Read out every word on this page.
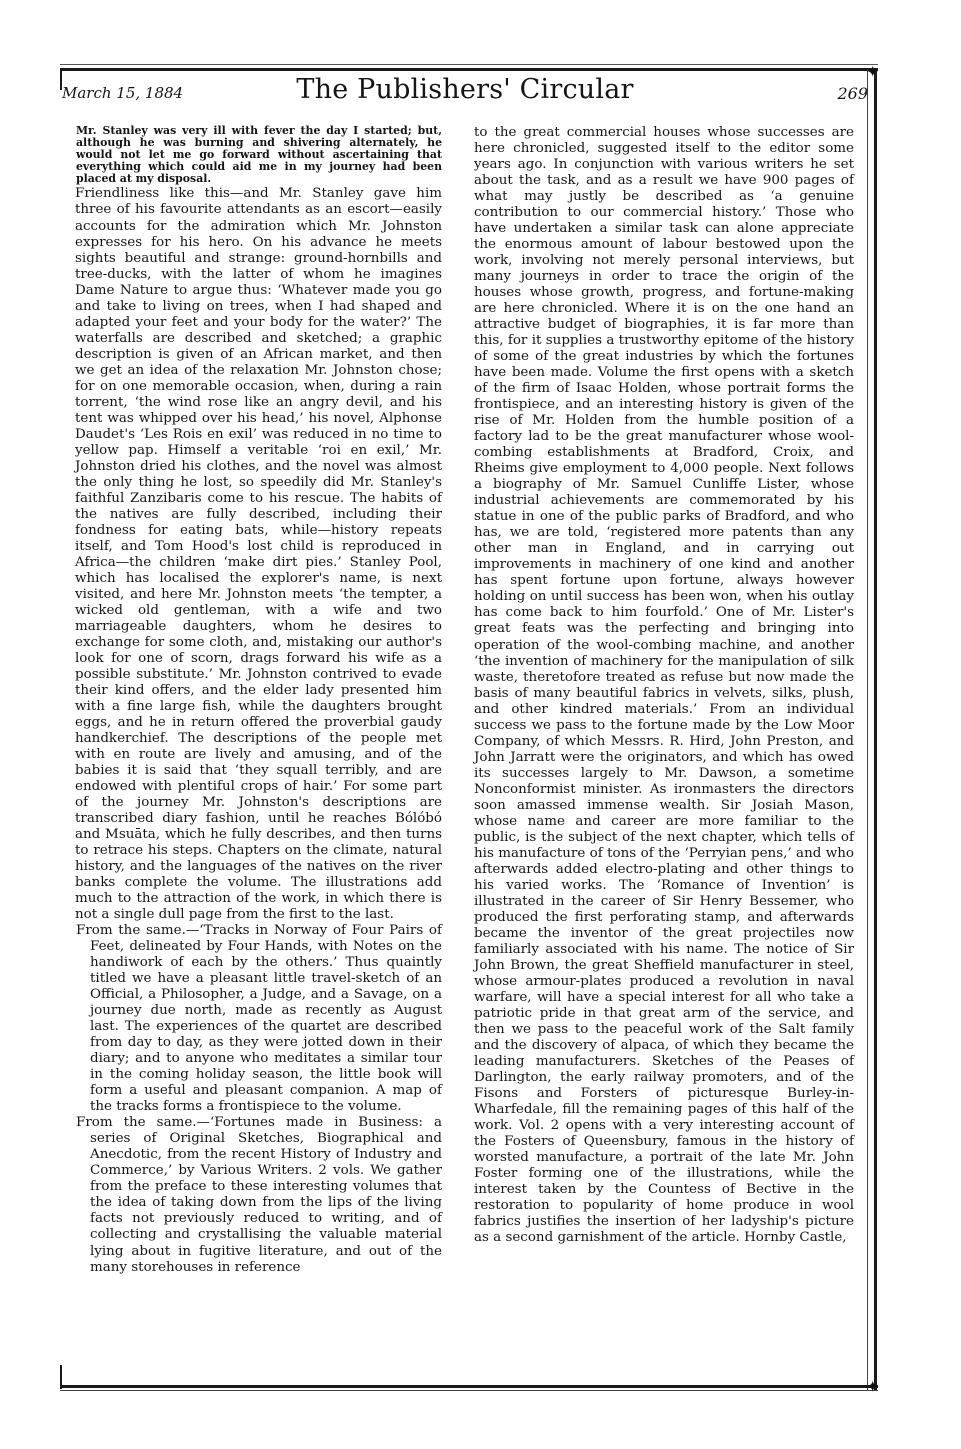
✦
✦
March 15, 1884	The Publishers' Circular	269

Mr. Stanley was very ill with fever the day I started; but, although he was burning and shivering alternately, he would not let me go forward without ascertaining that everything which could aid me in my journey had been placed at my disposal.

Friendliness like this—and Mr. Stanley gave him three of his favourite attendants as an escort—easily accounts for the admiration which Mr. Johnston expresses for his hero. On his advance he meets sights beautiful and strange: ground-hornbills and tree-ducks, with the latter of whom he imagines Dame Nature to argue thus: ‘Whatever made you go and take to living on trees, when I had shaped and adapted your feet and your body for the water?’ The waterfalls are described and sketched; a graphic description is given of an African market, and then we get an idea of the relaxation Mr. Johnston chose; for on one memorable occasion, when, during a rain torrent, ‘the wind rose like an angry devil, and his tent was whipped over his head,’ his novel, Alphonse Daudet's ‘Les Rois en exil’ was reduced in no time to yellow pap. Himself a veritable ‘roi en exil,’ Mr. Johnston dried his clothes, and the novel was almost the only thing he lost, so speedily did Mr. Stanley's faithful Zanzibaris come to his rescue. The habits of the natives are fully described, including their fondness for eating bats, while—history repeats itself, and Tom Hood's lost child is reproduced in Africa—the children ‘make dirt pies.’ Stanley Pool, which has localised the explorer's name, is next visited, and here Mr. Johnston meets ‘the tempter, a wicked old gentleman, with a wife and two marriageable daughters, whom he desires to exchange for some cloth, and, mistaking our author's look for one of scorn, drags forward his wife as a possible substitute.’ Mr. Johnston contrived to evade their kind offers, and the elder lady presented him with a fine large fish, while the daughters brought eggs, and he in return offered the proverbial gaudy handkerchief. The descriptions of the people met with en route are lively and amusing, and of the babies it is said that ‘they squall terribly, and are endowed with plentiful crops of hair.’ For some part of the journey Mr. Johnston's descriptions are transcribed diary fashion, until he reaches Bólóbó and Msuāta, which he fully describes, and then turns to retrace his steps. Chapters on the climate, natural history, and the languages of the natives on the river banks complete the volume. The illustrations add much to the attraction of the work, in which there is not a single dull page from the first to the last.

From the same.—‘Tracks in Norway of Four Pairs of Feet, delineated by Four Hands, with Notes on the handiwork of each by the others.’ Thus quaintly titled we have a pleasant little travel-sketch of an Official, a Philosopher, a Judge, and a Savage, on a journey due north, made as recently as August last. The experiences of the quartet are described from day to day, as they were jotted down in their diary; and to anyone who meditates a similar tour in the coming holiday season, the little book will form a useful and pleasant companion. A map of the tracks forms a frontispiece to the volume.

From the same.—‘Fortunes made in Business: a series of Original Sketches, Biographical and Anecdotic, from the recent History of Industry and Commerce,’ by Various Writers. 2 vols. We gather from the preface to these interesting volumes that the idea of taking down from the lips of the living facts not previously reduced to writing, and of collecting and crystallising the valuable material lying about in fugitive literature, and out of the many storehouses in reference

to the great commercial houses whose successes are here chronicled, suggested itself to the editor some years ago. In conjunction with various writers he set about the task, and as a result we have 900 pages of what may justly be described as ‘a genuine contribution to our commercial history.’ Those who have undertaken a similar task can alone appreciate the enormous amount of labour bestowed upon the work, involving not merely personal interviews, but many journeys in order to trace the origin of the houses whose growth, progress, and fortune-making are here chronicled. Where it is on the one hand an attractive budget of biographies, it is far more than this, for it supplies a trustworthy epitome of the history of some of the great industries by which the fortunes have been made. Volume the first opens with a sketch of the firm of Isaac Holden, whose portrait forms the frontispiece, and an interesting history is given of the rise of Mr. Holden from the humble position of a factory lad to be the great manufacturer whose wool-combing establishments at Bradford, Croix, and Rheims give employment to 4,000 people. Next follows a biography of Mr. Samuel Cunliffe Lister, whose industrial achievements are commemorated by his statue in one of the public parks of Bradford, and who has, we are told, ‘registered more patents than any other man in England, and in carrying out improvements in machinery of one kind and another has spent fortune upon fortune, always however holding on until success has been won, when his outlay has come back to him fourfold.’ One of Mr. Lister's great feats was the perfecting and bringing into operation of the wool-combing machine, and another ‘the invention of machinery for the manipulation of silk waste, theretofore treated as refuse but now made the basis of many beautiful fabrics in velvets, silks, plush, and other kindred materials.’ From an individual success we pass to the fortune made by the Low Moor Company, of which Messrs. R. Hird, John Preston, and John Jarratt were the originators, and which has owed its successes largely to Mr. Dawson, a sometime Nonconformist minister. As ironmasters the directors soon amassed immense wealth. Sir Josiah Mason, whose name and career are more familiar to the public, is the subject of the next chapter, which tells of his manufacture of tons of the ‘Perryian pens,’ and who afterwards added electro-plating and other things to his varied works. The ‘Romance of Invention’ is illustrated in the career of Sir Henry Bessemer, who produced the first perforating stamp, and afterwards became the inventor of the great projectiles now familiarly associated with his name. The notice of Sir John Brown, the great Sheffield manufacturer in steel, whose armour-plates produced a revolution in naval warfare, will have a special interest for all who take a patriotic pride in that great arm of the service, and then we pass to the peaceful work of the Salt family and the discovery of alpaca, of which they became the leading manufacturers. Sketches of the Peases of Darlington, the early railway promoters, and of the Fisons and Forsters of picturesque Burley-in-Wharfedale, fill the remaining pages of this half of the work. Vol. 2 opens with a very interesting account of the Fosters of Queensbury, famous in the history of worsted manufacture, a portrait of the late Mr. John Foster forming one of the illustrations, while the interest taken by the Countess of Bective in the restoration to popularity of home produce in wool fabrics justifies the insertion of her ladyship's picture as a second garnishment of the article. Hornby Castle,
